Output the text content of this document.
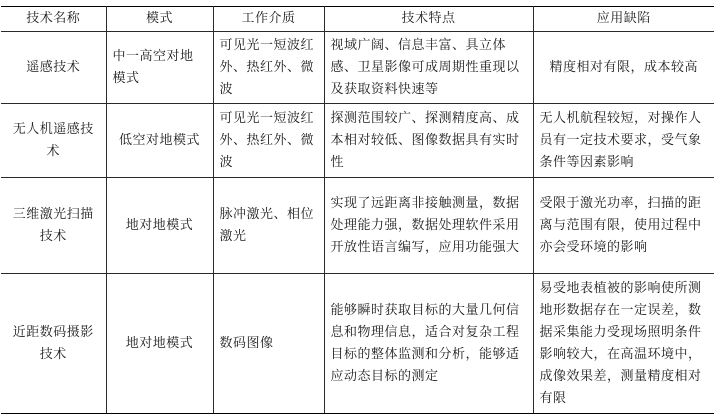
技术名称	模式	工作介质	技术特点	应用缺陷
遥感技术	中一高空对地模式	可见光一短波红外、热红外、微波	视域广阔、信息丰富、具立体感、卫星影像可成周期性重现以及获取资料快速等	精度相对有限，成本较高
无人机遥感技术	低空对地模式	可见光一短波红外、热红外、微波	探测范围较广、探测精度高、成本相对较低、图像数据具有实时性	无人机航程较短，对操作人员有一定技术要求，受气象条件等因素影响
三维激光扫描技术	地对地模式	脉冲激光、相位激光	实现了远距离非接触测量，数据处理能力强，数据处理软件采用开放性语言编写，应用功能强大	受限于激光功率，扫描的距离与范围有限，使用过程中亦会受环境的影响
近距数码摄影技术	地对地模式	数码图像	能够瞬时获取目标的大量几何信息和物理信息，适合对复杂工程目标的整体监测和分析，能够适应动态目标的测定	易受地表植被的影响使所测地形数据存在一定误差，数据采集能力受现场照明条件影响较大，在高温环境中，成像效果差，测量精度相对有限
